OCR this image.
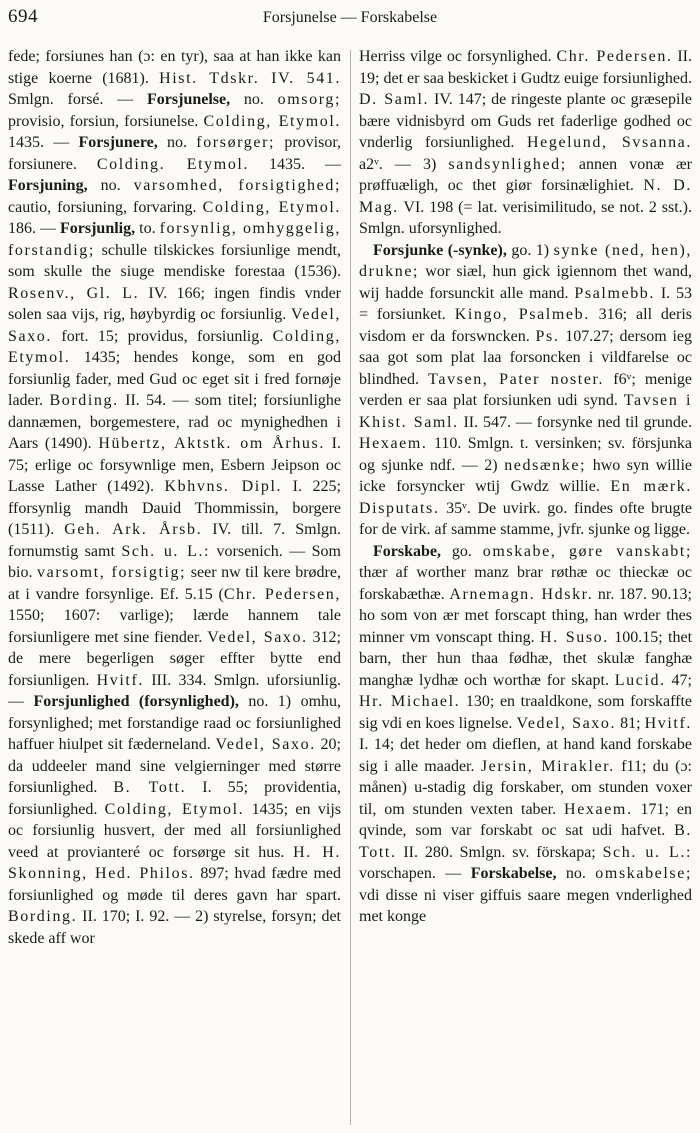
694	Forsjunelse — Forskabelse

fede; forsiunes han (ɔ: en tyr), saa at han ikke kan stige koerne (1681). Hist. Tdskr. IV. 541. Smlgn. forsé. — Forsjunelse, no. omsorg; provisio, forsiun, forsiunelse. Colding, Etymol. 1435. — Forsjunere, no. forsørger; provisor, forsiunere. Colding. Etymol. 1435. — Forsjuning, no. varsomhed, forsigtighed; cautio, forsiuning, forvaring. Colding, Etymol. 186. — Forsjunlig, to. forsynlig, omhyggelig, forstandig; schulle tilskickes forsiunlige mendt, som skulle the siuge mendiske forestaa (1536). Rosenv., Gl. L. IV. 166; ingen findis vnder solen saa vijs, rig, høybyrdig oc forsiunlig. Vedel, Saxo. fort. 15; providus, forsiunlig. Colding, Etymol. 1435; hendes konge, som en god forsiunlig fader, med Gud oc eget sit i fred fornøje lader. Bording. II. 54. — som titel; forsiunlighe dannæmen, borgemestere, rad oc mynighedhen i Aars (1490). Hübertz, Aktstk. om Århus. I. 75; erlige oc forsywnlige men, Esbern Jeipson oc Lasse Lather (1492). Kbhvns. Dipl. I. 225; fforsynlig mandh Dauid Thommissin, borgere (1511). Geh. Ark. Årsb. IV. till. 7. Smlgn. fornumstig samt Sch. u. L.: vorsenich. — Som bio. varsomt, forsigtig; seer nw til kere brødre, at i vandre forsynlige. Ef. 5.15 (Chr. Pedersen, 1550; 1607: varlige); lærde hannem tale forsiunligere met sine fiender. Vedel, Saxo. 312; de mere begerligen søger effter bytte end forsiunligen. Hvitf. III. 334. Smlgn. uforsiunlig. — Forsjunlighed (forsynlighed), no. 1) omhu, forsynlighed; met forstandige raad oc forsiunlighed haffuer hiulpet sit fæderneland. Vedel, Saxo. 20; da uddeeler mand sine velgierninger med større forsiunlighed. B. Tott. I. 55; providentia, forsiunlighed. Colding, Etymol. 1435; en vijs oc forsiunlig husvert, der med all forsiunlighed veed at provianteré oc forsørge sit hus. H. H. Skonning, Hed. Philos. 897; hvad fædre med forsiunlighed og møde til deres gavn har spart. Bording. II. 170; I. 92. — 2) styrelse, forsyn; det skede aff wor

Herriss vilge oc forsynlighed. Chr. Pedersen. II. 19; det er saa beskicket i Gudtz euige forsiunlighed. D. Saml. IV. 147; de ringeste plante oc græsepile bære vidnisbyrd om Guds ret faderlige godhed oc vnderlig forsiunlighed. Hegelund, Svsanna. a2ᵛ. — 3) sandsynlighed; annen vonæ ær prøffuæligh, oc thet giør forsinælighiet. N. D. Mag. VI. 198 (= lat. verisimilitudo, se not. 2 sst.). Smlgn. uforsynlighed.

Forsjunke (-synke), go. 1) synke (ned, hen), drukne; wor siæl, hun gick igiennom thet wand, wij hadde forsunckit alle mand. Psalmebb. I. 53 = forsiunket. Kingo, Psalmeb. 316; all deris visdom er da forswncken. Ps. 107.27; dersom ieg saa got som plat laa forsoncken i vildfarelse oc blindhed. Tavsen, Pater noster. f6ᵛ; menige verden er saa plat forsiunken udi synd. Tavsen i Khist. Saml. II. 547. — forsynke ned til grunde. Hexaem. 110. Smlgn. t. versinken; sv. försjunka og sjunke ndf. — 2) nedsænke; hwo syn willie icke forsyncker wtij Gwdz willie. En mærk. Disputats. 35ᵛ. De uvirk. go. findes ofte brugte for de virk. af samme stamme, jvfr. sjunke og ligge.

Forskabe, go. omskabe, gøre vanskabt; thær af worther manz brar røthæ oc thieckæ oc forskabæthæ. Arnemagn. Hdskr. nr. 187. 90.13; ho som von ær met forscapt thing, han wrder thes minner vm vonscapt thing. H. Suso. 100.15; thet barn, ther hun thaa fødhæ, thet skulæ fanghæ manghæ lydhæ och worthæ for skapt. Lucid. 47; Hr. Michael. 130; en traaldkone, som forskaffte sig vdi en koes lignelse. Vedel, Saxo. 81; Hvitf. I. 14; det heder om dieflen, at hand kand forskabe sig i alle maader. Jersin, Mirakler. f11; du (ɔ: månen) u-stadig dig forskaber, om stunden voxer til, om stunden vexten taber. Hexaem. 171; en qvinde, som var forskabt oc sat udi hafvet. B. Tott. II. 280. Smlgn. sv. förskapa; Sch. u. L.: vorschapen. — Forskabelse, no. omskabelse; vdi disse ni viser giffuis saare megen vnderlighed met konge
